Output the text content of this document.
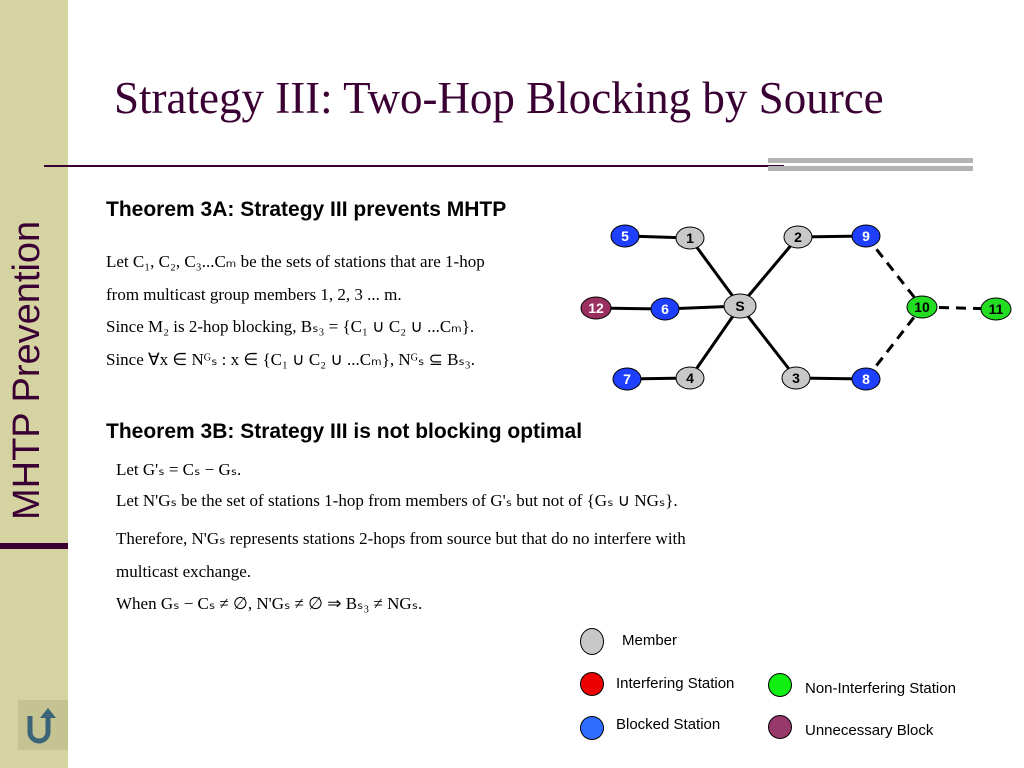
MHTP Prevention
Strategy III: Two-Hop Blocking by Source
Theorem 3A: Strategy III prevents MHTP
Let C₁, C₂, C₃...Cₘ be the sets of stations that are 1-hop
from multicast group members 1, 2, 3 ... m.
Since M₂ is 2-hop blocking, Bₛ₃ = {C₁ ∪ C₂ ∪ ...Cₘ}.
Since ∀x ∈ Nᴳₛ : x ∈ {C₁ ∪ C₂ ∪ ...Cₘ}, Nᴳₛ ⊆ Bₛ₃.
Theorem 3B: Strategy III is not blocking optimal
Let G'ₛ = Cₛ − Gₛ.
Let N'Gₛ be the set of stations 1-hop from members of G'ₛ but not of {Gₛ ∪ NGₛ}.
Therefore, N'Gₛ represents stations 2-hops from source but that do no interfere with
multicast exchange.
When Gₛ − Cₛ ≠ ∅, N'Gₛ ≠ ∅ ⇒ Bₛ₃ ≠ NGₛ.
5	1	2	9
12	6	S	10	11
7	4	3	8
Member
Interfering Station
Blocked Station
Non-Interfering Station
Unnecessary Block
